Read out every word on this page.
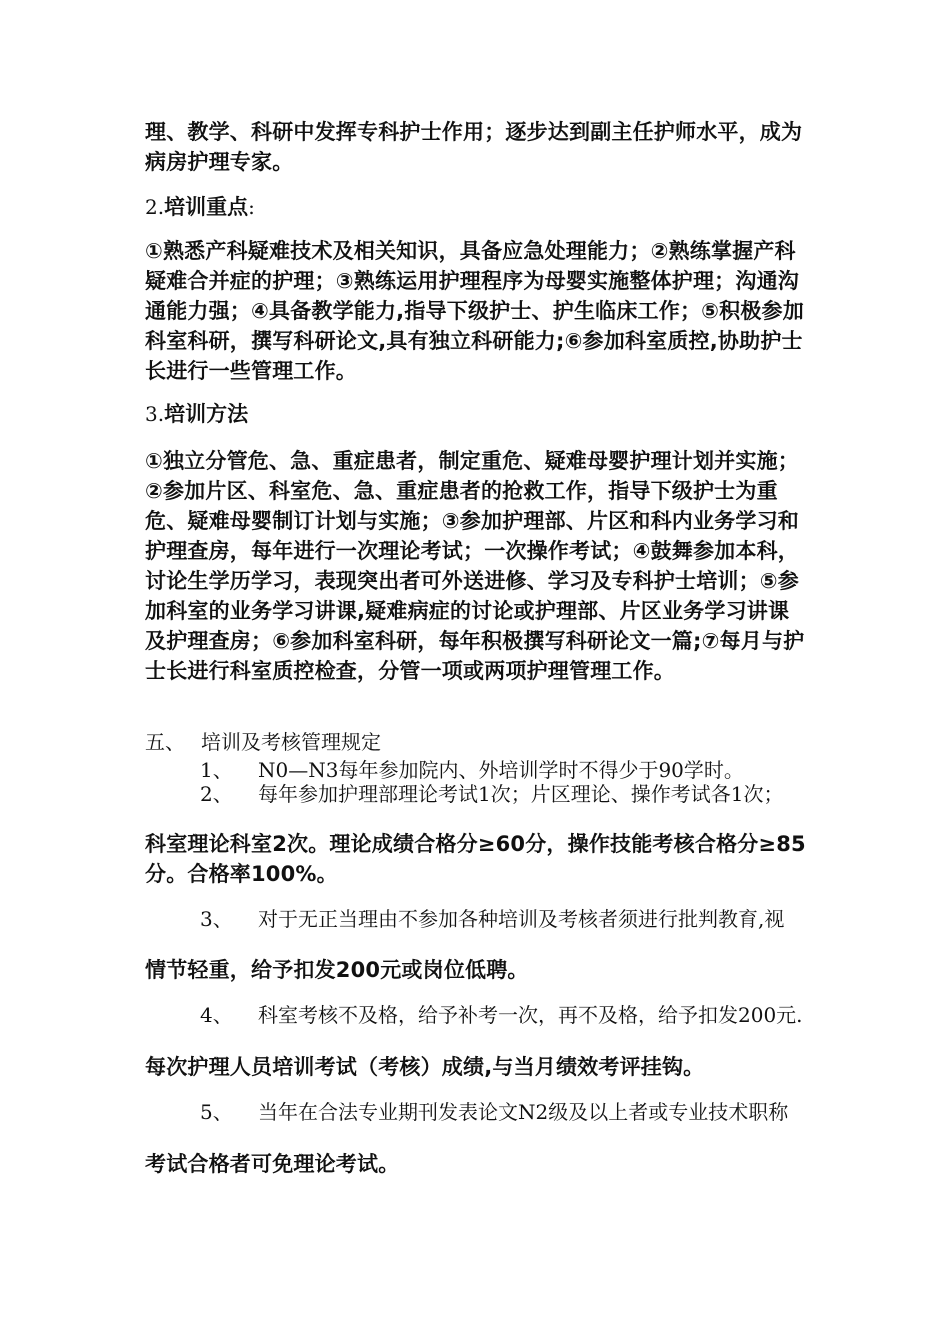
理、教学、科研中发挥专科护士作用；逐步达到副主任护师水平，成为病房护理专家。

2.培训重点:

①熟悉产科疑难技术及相关知识，具备应急处理能力；②熟练掌握产科疑难合并症的护理；③熟练运用护理程序为母婴实施整体护理；沟通沟通能力强；④具备教学能力,指导下级护士、护生临床工作；⑤积极参加科室科研，撰写科研论文,具有独立科研能力;⑥参加科室质控,协助护士长进行一些管理工作。

3.培训方法

①独立分管危、急、重症患者，制定重危、疑难母婴护理计划并实施；②参加片区、科室危、急、重症患者的抢救工作，指导下级护士为重危、疑难母婴制订计划与实施；③参加护理部、片区和科内业务学习和护理查房，每年进行一次理论考试；一次操作考试；④鼓舞参加本科，讨论生学历学习，表现突出者可外送进修、学习及专科护士培训；⑤参加科室的业务学习讲课,疑难病症的讨论或护理部、片区业务学习讲课及护理查房；⑥参加科室科研，每年积极撰写科研论文一篇;⑦每月与护士长进行科室质控检查，分管一项或两项护理管理工作。

五、 培训及考核管理规定
1、	N0—N3每年参加院内、外培训学时不得少于90学时。
2、	每年参加护理部理论考试1次；片区理论、操作考试各1次；

科室理论科室2次。理论成绩合格分≥60分，操作技能考核合格分≥85分。合格率100%。

3、	对于无正当理由不参加各种培训及考核者须进行批判教育,视

情节轻重，给予扣发200元或岗位低聘。

4、	科室考核不及格，给予补考一次，再不及格，给予扣发200元.

每次护理人员培训考试（考核）成绩,与当月绩效考评挂钩。

5、	当年在合法专业期刊发表论文N2级及以上者或专业技术职称

考试合格者可免理论考试。
